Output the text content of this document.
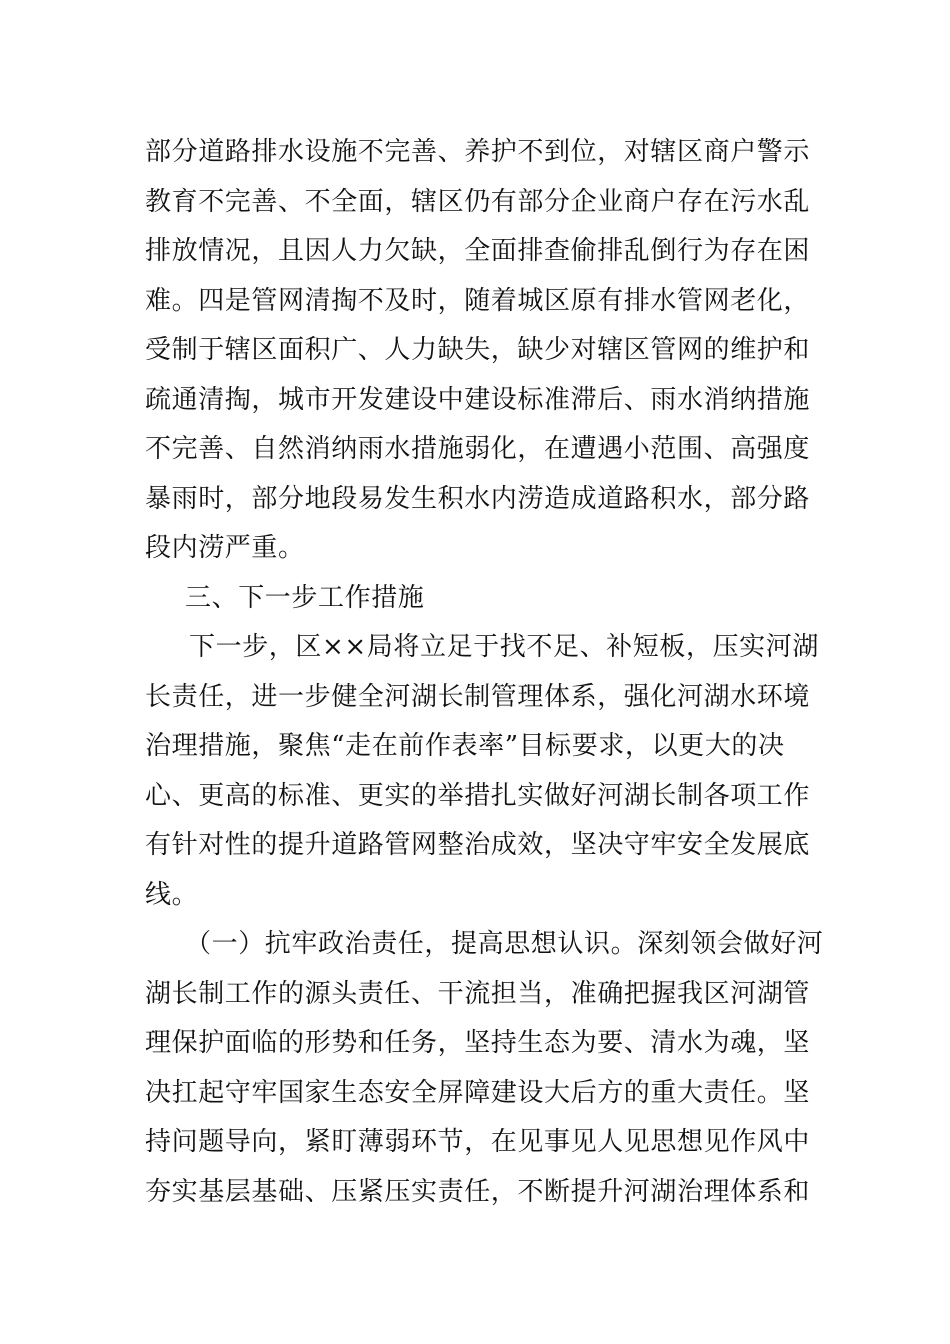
部分道路排水设施不完善、养护不到位，对辖区商户警示
教育不完善、不全面，辖区仍有部分企业商户存在污水乱
排放情况，且因人力欠缺，全面排查偷排乱倒行为存在困
难。四是管网清掏不及时，随着城区原有排水管网老化，
受制于辖区面积广、人力缺失，缺少对辖区管网的维护和
疏通清掏，城市开发建设中建设标准滞后、雨水消纳措施
不完善、自然消纳雨水措施弱化，在遭遇小范围、高强度
暴雨时，部分地段易发生积水内涝造成道路积水，部分路
段内涝严重。
三、下一步工作措施
下一步，区××局将立足于找不足、补短板，压实河湖
长责任，进一步健全河湖长制管理体系，强化河湖水环境
治理措施，聚焦“走在前作表率”目标要求，以更大的决
心、更高的标准、更实的举措扎实做好河湖长制各项工作
有针对性的提升道路管网整治成效，坚决守牢安全发展底
线。
（一）抗牢政治责任，提高思想认识。深刻领会做好河
湖长制工作的源头责任、干流担当，准确把握我区河湖管
理保护面临的形势和任务，坚持生态为要、清水为魂，坚
决扛起守牢国家生态安全屏障建设大后方的重大责任。坚
持问题导向，紧盯薄弱环节，在见事见人见思想见作风中
夯实基层基础、压紧压实责任，不断提升河湖治理体系和
